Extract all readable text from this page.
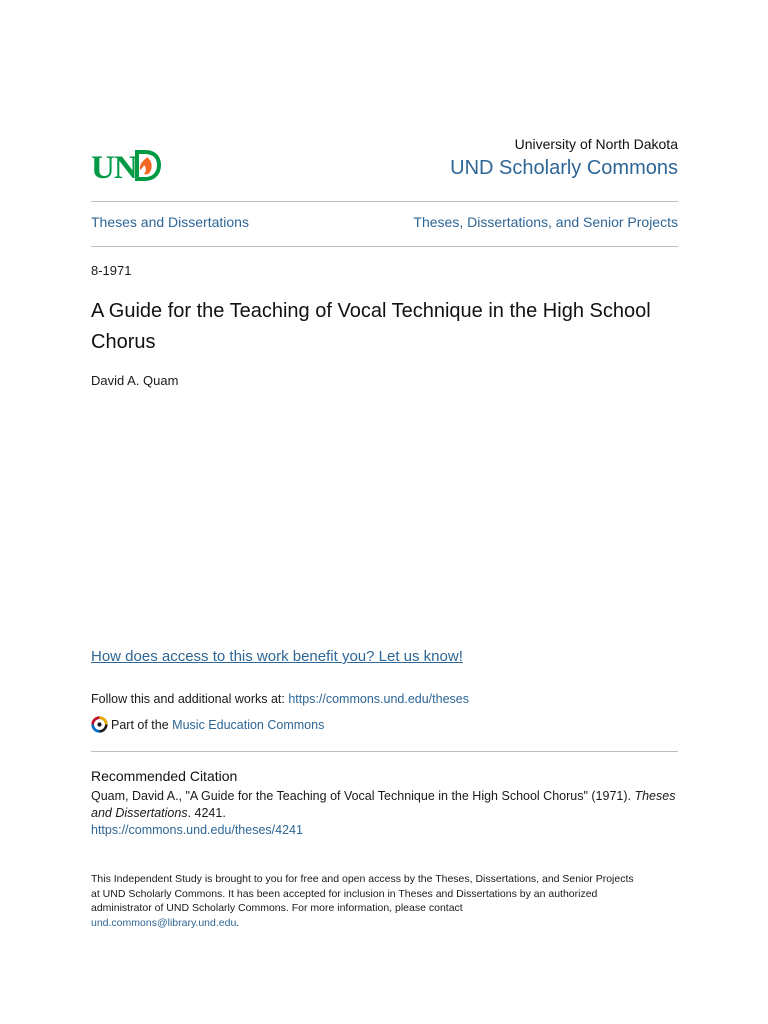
UN
University of North Dakota
UND Scholarly Commons
Theses and Dissertations	Theses, Dissertations, and Senior Projects
8-1971
A Guide for the Teaching of Vocal Technique in the High School Chorus
David A. Quam
How does access to this work benefit you? Let us know!
Follow this and additional works at: https://commons.und.edu/theses
Part of the
Music Education Commons
Recommended Citation
Quam, David A., "A Guide for the Teaching of Vocal Technique in the High School Chorus" (1971). Theses and Dissertations. 4241.
https://commons.und.edu/theses/4241
This Independent Study is brought to you for free and open access by the Theses, Dissertations, and Senior Projects at UND Scholarly Commons. It has been accepted for inclusion in Theses and Dissertations by an authorized administrator of UND Scholarly Commons. For more information, please contact
und.commons@library.und.edu.
